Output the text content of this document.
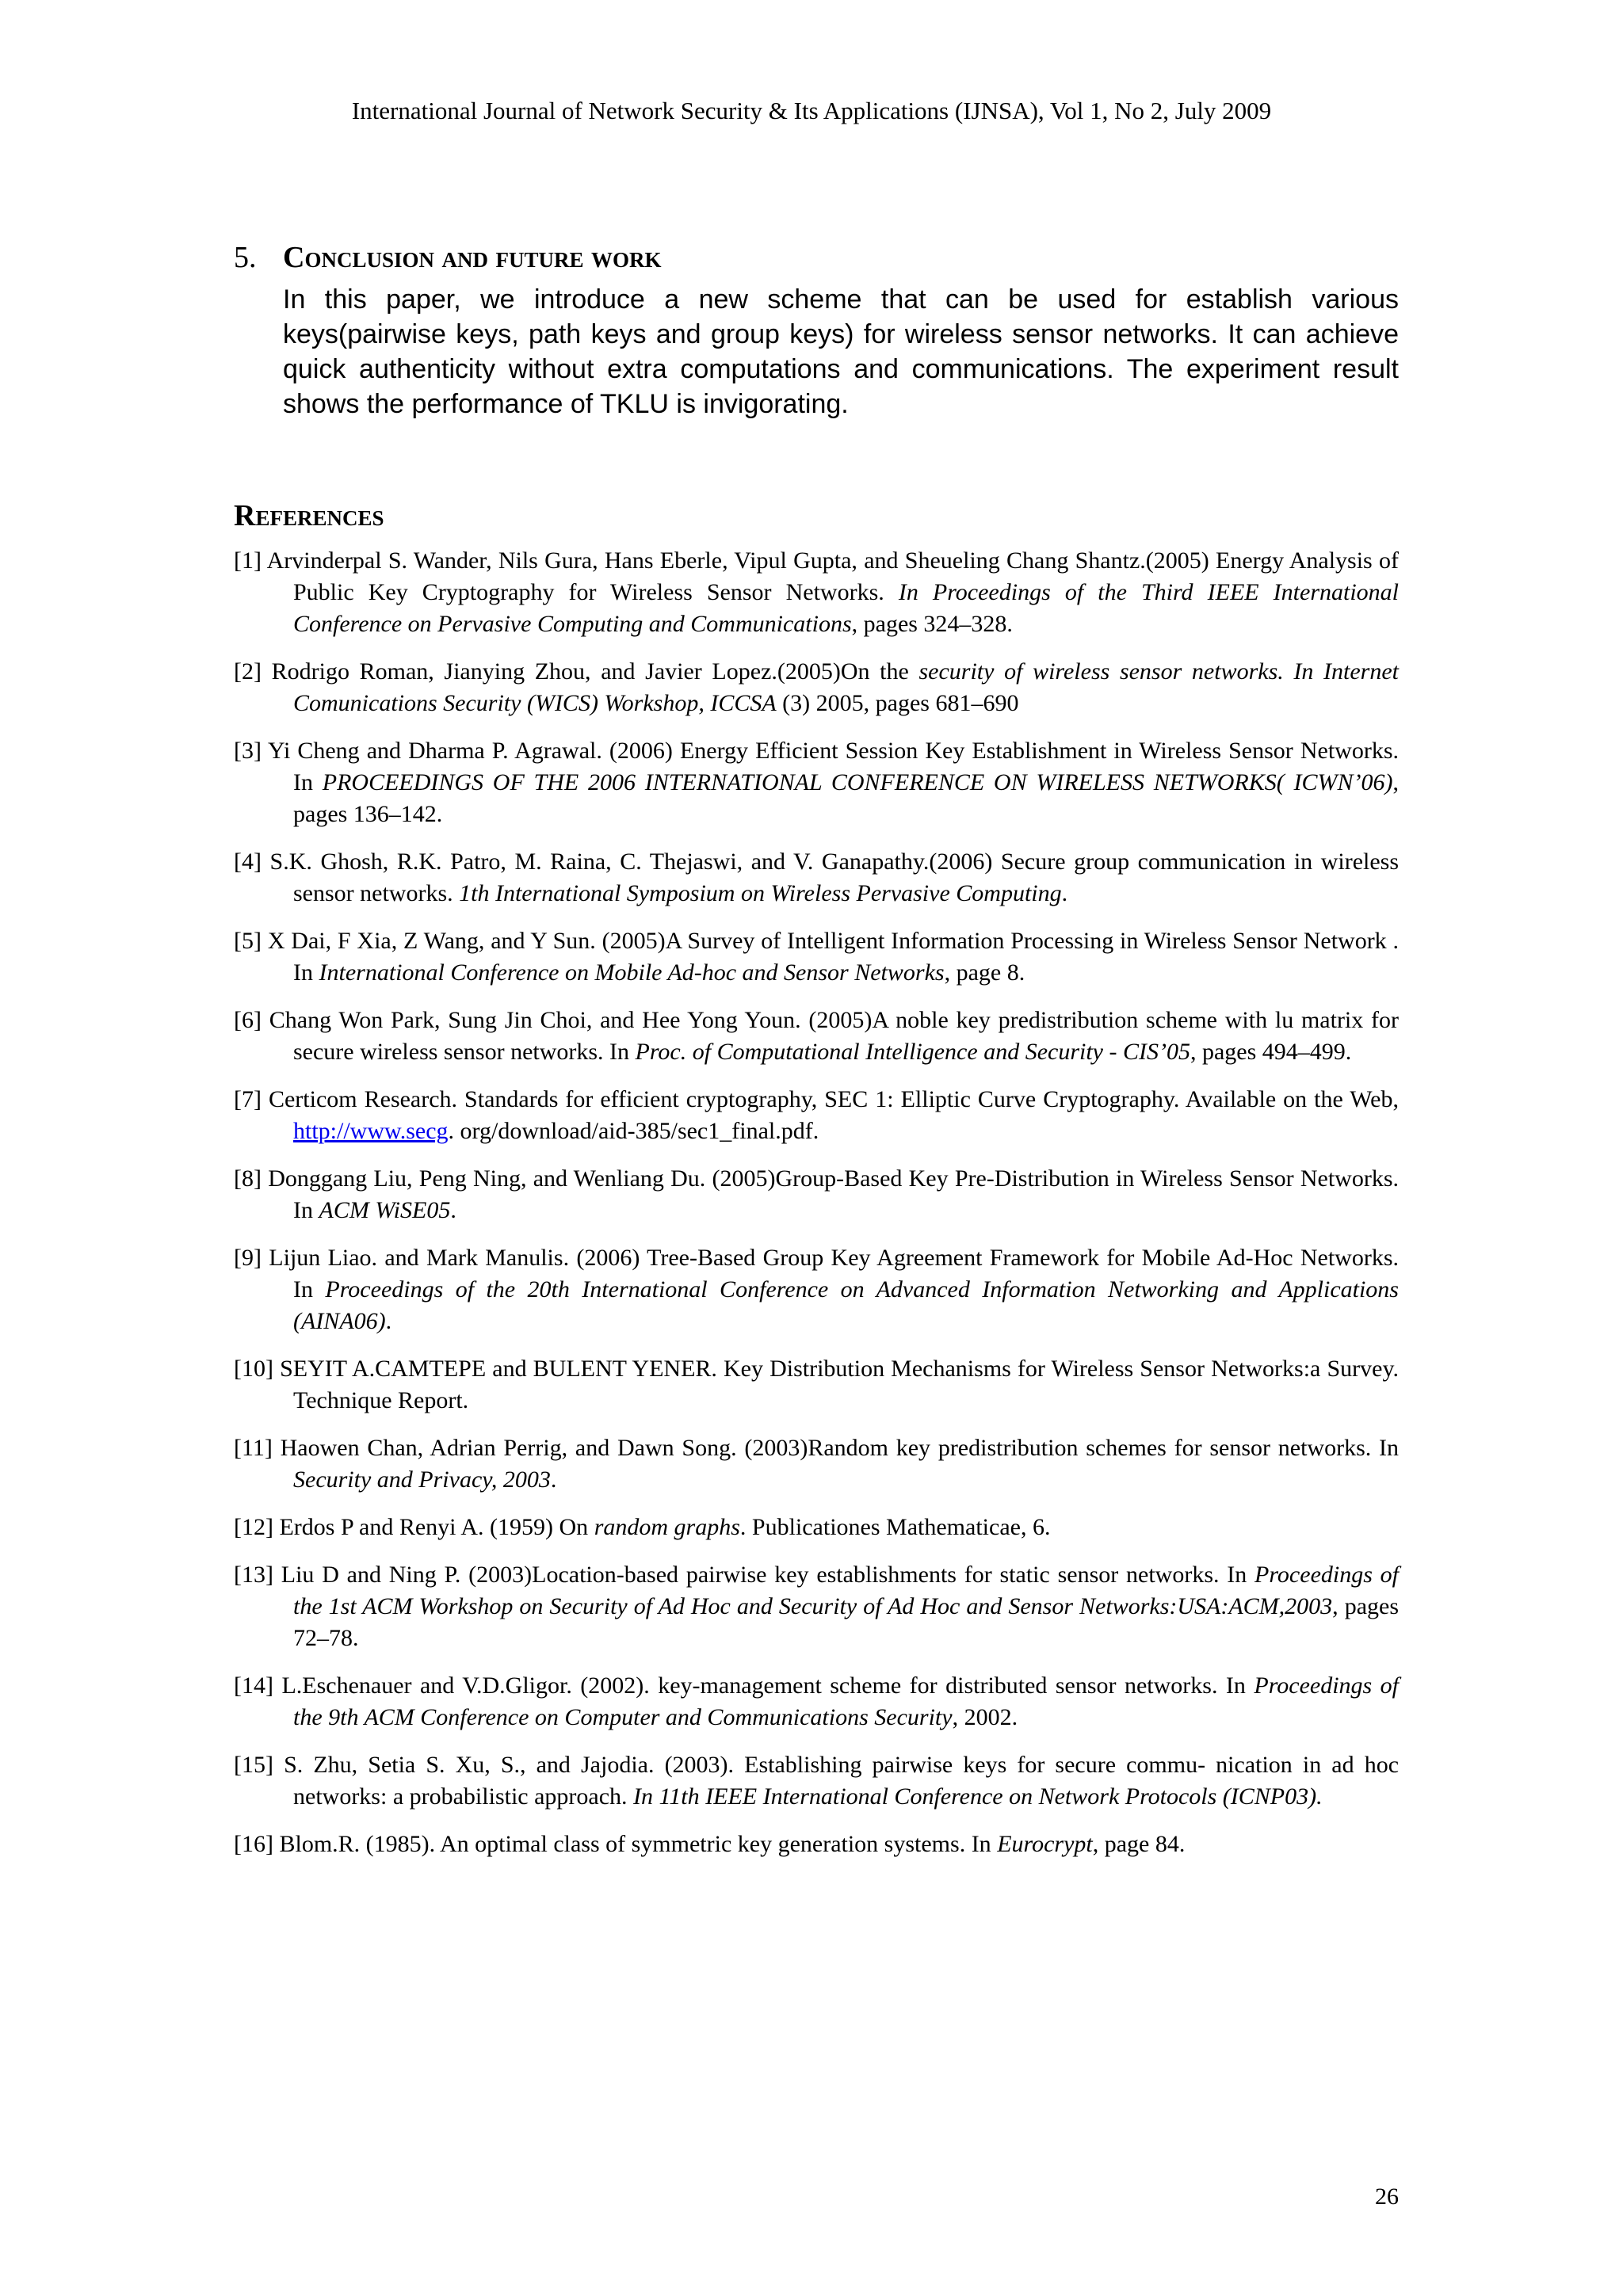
International Journal of Network Security & Its Applications (IJNSA), Vol 1, No 2, July 2009
5. Conclusion and future work

In this paper, we introduce a new scheme that can be used for establish various keys(pairwise keys, path keys and group keys) for wireless sensor networks. It can achieve quick authenticity without extra computations and communications. The experiment result shows the performance of TKLU is invigorating.

References
[1] Arvinderpal S. Wander, Nils Gura, Hans Eberle, Vipul Gupta, and Sheueling Chang Shantz.(2005) Energy Analysis of Public Key Cryptography for Wireless Sensor Networks. In Proceedings of the Third IEEE International Conference on Pervasive Computing and Communications, pages 324–328.
[2] Rodrigo Roman, Jianying Zhou, and Javier Lopez.(2005)On the security of wireless sensor networks. In Internet Comunications Security (WICS) Workshop, ICCSA (3) 2005, pages 681–690
[3] Yi Cheng and Dharma P. Agrawal. (2006) Energy Efficient Session Key Establishment in Wireless Sensor Networks. In PROCEEDINGS OF THE 2006 INTERNATIONAL CONFERENCE ON WIRELESS NETWORKS( ICWN’06), pages 136–142.
[4] S.K. Ghosh, R.K. Patro, M. Raina, C. Thejaswi, and V. Ganapathy.(2006) Secure group communication in wireless sensor networks. 1th International Symposium on Wireless Pervasive Computing.
[5] X Dai, F Xia, Z Wang, and Y Sun. (2005)A Survey of Intelligent Information Processing in Wireless Sensor Network . In International Conference on Mobile Ad-hoc and Sensor Networks, page 8.
[6] Chang Won Park, Sung Jin Choi, and Hee Yong Youn. (2005)A noble key predistribution scheme with lu matrix for secure wireless sensor networks. In Proc. of Computational Intelligence and Security - CIS’05, pages 494–499.
[7] Certicom Research. Standards for efficient cryptography, SEC 1: Elliptic Curve Cryptography. Available on the Web, http://www.secg. org/download/aid-385/sec1_final.pdf.
[8] Donggang Liu, Peng Ning, and Wenliang Du. (2005)Group-Based Key Pre-Distribution in Wireless Sensor Networks. In ACM WiSE05.
[9] Lijun Liao. and Mark Manulis. (2006) Tree-Based Group Key Agreement Framework for Mobile Ad-Hoc Networks. In Proceedings of the 20th International Conference on Advanced Information Networking and Applications (AINA06).
[10] SEYIT A.CAMTEPE and BULENT YENER. Key Distribution Mechanisms for Wireless Sensor Networks:a Survey. Technique Report.
[11] Haowen Chan, Adrian Perrig, and Dawn Song. (2003)Random key predistribution schemes for sensor networks. In Security and Privacy, 2003.
[12] Erdos P and Renyi A. (1959) On random graphs. Publicationes Mathematicae, 6.
[13] Liu D and Ning P. (2003)Location-based pairwise key establishments for static sensor networks. In Proceedings of the 1st ACM Workshop on Security of Ad Hoc and Security of Ad Hoc and Sensor Networks:USA:ACM,2003, pages 72–78.
[14] L.Eschenauer and V.D.Gligor. (2002). key-management scheme for distributed sensor networks. In Proceedings of the 9th ACM Conference on Computer and Communications Security, 2002.
[15] S. Zhu, Setia S. Xu, S., and Jajodia. (2003). Establishing pairwise keys for secure commu- nication in ad hoc networks: a probabilistic approach. In 11th IEEE International Conference on Network Protocols (ICNP03).
[16] Blom.R. (1985). An optimal class of symmetric key generation systems. In Eurocrypt, page 84.
26
